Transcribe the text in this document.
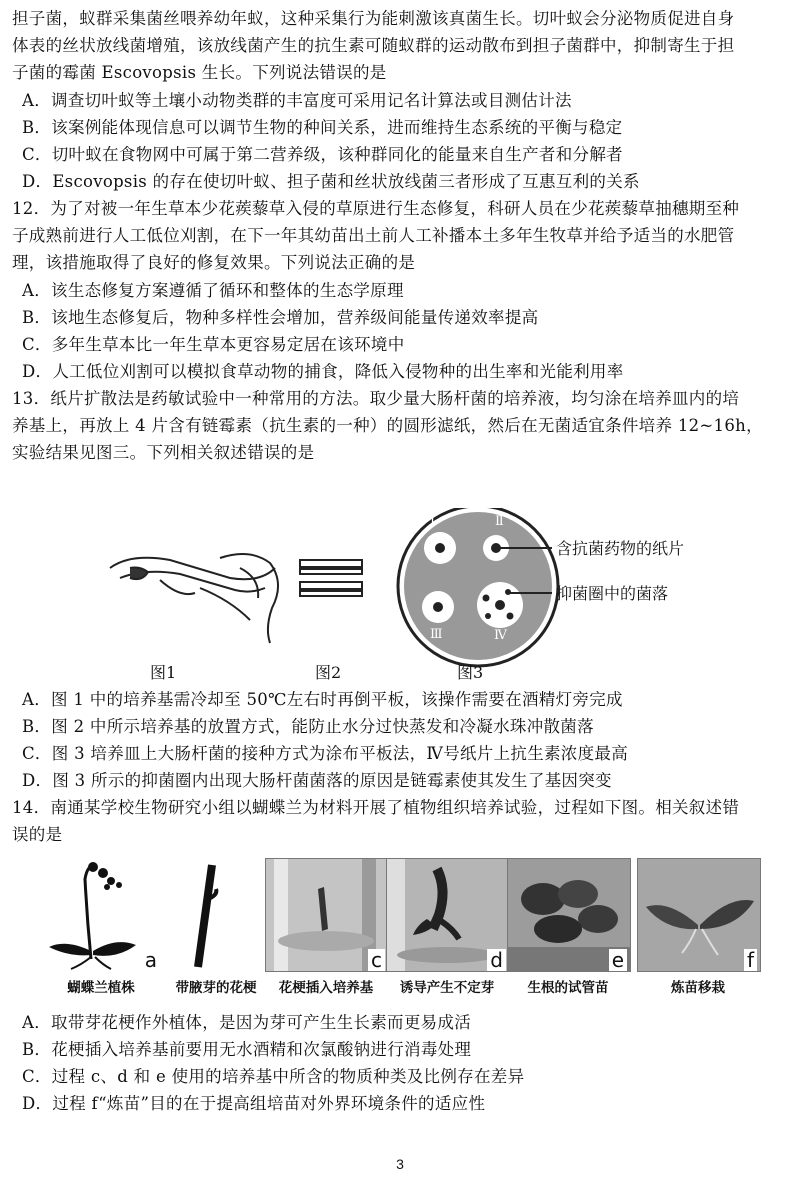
担子菌，蚁群采集菌丝喂养幼年蚁，这种采集行为能刺激该真菌生长。切叶蚁会分泌物质促进自身
体表的丝状放线菌增殖，该放线菌产生的抗生素可随蚁群的运动散布到担子菌群中，抑制寄生于担
子菌的霉菌 Escovopsis 生长。下列说法错误的是
A．调查切叶蚁等土壤小动物类群的丰富度可采用记名计算法或目测估计法
B．该案例能体现信息可以调节生物的种间关系，进而维持生态系统的平衡与稳定
C．切叶蚁在食物网中可属于第二营养级，该种群同化的能量来自生产者和分解者
D．Escovopsis 的存在使切叶蚁、担子菌和丝状放线菌三者形成了互惠互利的关系
12．为了对被一年生草本少花蒺藜草入侵的草原进行生态修复，科研人员在少花蒺藜草抽穗期至种
子成熟前进行人工低位刈割，在下一年其幼苗出土前人工补播本土多年生牧草并给予适当的水肥管
理，该措施取得了良好的修复效果。下列说法正确的是
A．该生态修复方案遵循了循环和整体的生态学原理
B．该地生态修复后，物种多样性会增加，营养级间能量传递效率提高
C．多年生草本比一年生草本更容易定居在该环境中
D．人工低位刈割可以模拟食草动物的捕食，降低入侵物种的出生率和光能利用率
13．纸片扩散法是药敏试验中一种常用的方法。取少量大肠杆菌的培养液，均匀涂在培养皿内的培
养基上，再放上 4 片含有链霉素（抗生素的一种）的圆形滤纸，然后在无菌适宜条件培养 12~16h，
实验结果见图三。下列相关叙述错误的是
Ⅰ	Ⅱ
Ⅲ	Ⅳ
含抗菌药物的纸片
抑菌圈中的菌落
图1	图2	图3
A．图 1 中的培养基需冷却至 50℃左右时再倒平板，该操作需要在酒精灯旁完成
B．图 2 中所示培养基的放置方式，能防止水分过快蒸发和冷凝水珠冲散菌落
C．图 3 培养皿上大肠杆菌的接种方式为涂布平板法，Ⅳ号纸片上抗生素浓度最高
D．图 3 所示的抑菌圈内出现大肠杆菌菌落的原因是链霉素使其发生了基因突变
14．南通某学校生物研究小组以蝴蝶兰为材料开展了植物组织培养试验，过程如下图。相关叙述错
误的是
a	c	d	e	f
蝴蝶兰植株	带腋芽的花梗	花梗插入培养基	诱导产生不定芽	生根的试管苗	炼苗移栽
A．取带芽花梗作外植体，是因为芽可产生生长素而更易成活
B．花梗插入培养基前要用无水酒精和次氯酸钠进行消毒处理
C．过程 c、d 和 e 使用的培养基中所含的物质种类及比例存在差异
D．过程 f“炼苗”目的在于提高组培苗对外界环境条件的适应性
3
